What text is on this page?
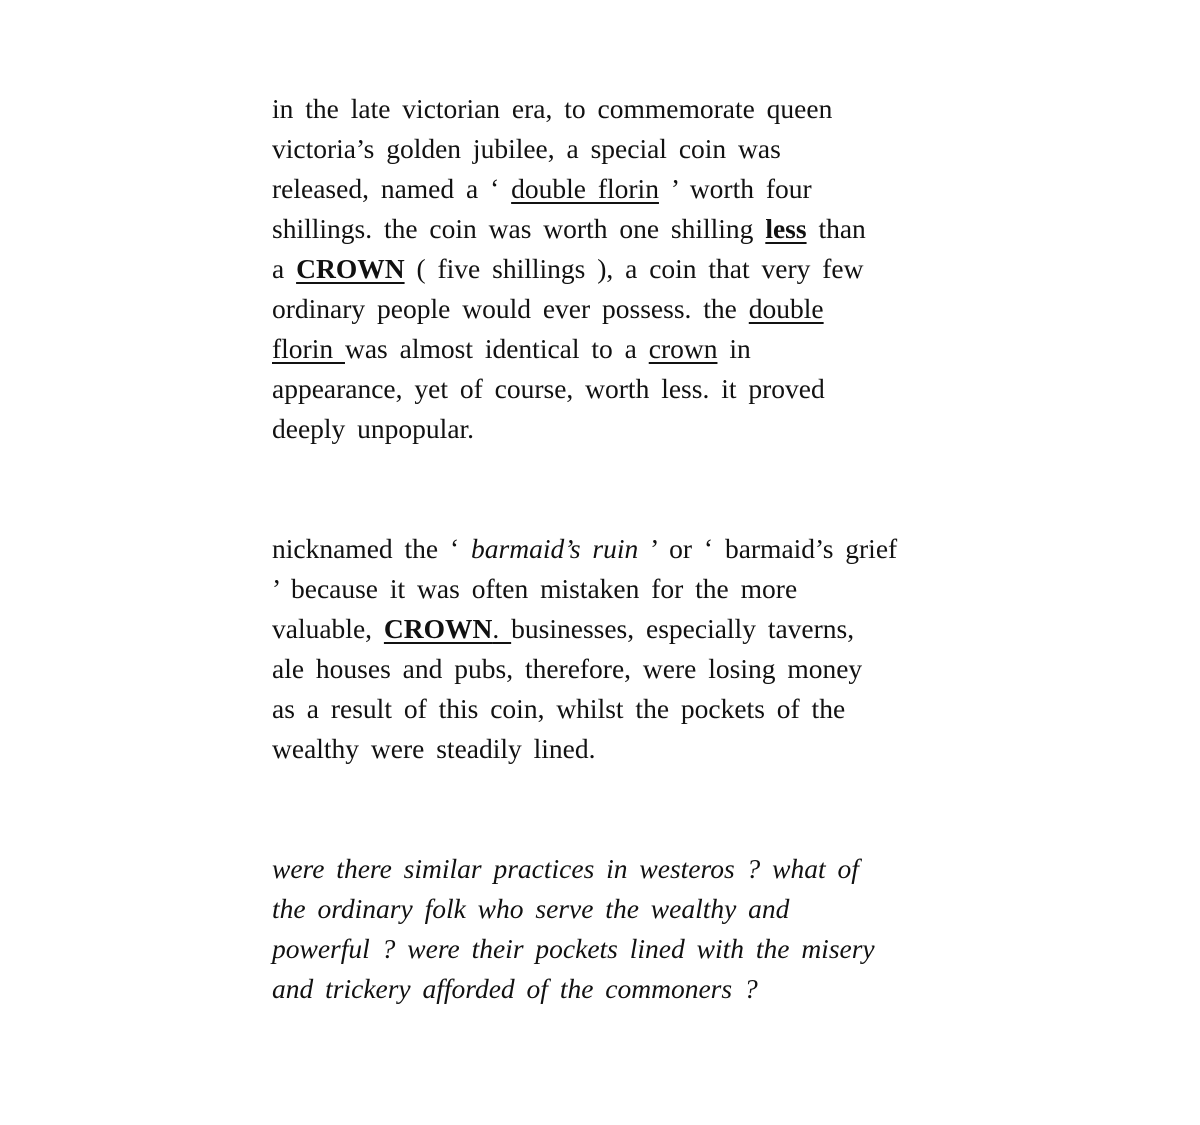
in the late victorian era, to commemorate queen
victoria’s golden jubilee, a special coin was
released, named a ‘ double florin ’ worth four
shillings. the coin was worth one shilling less than
a CROWN ( five shillings ), a coin that very few
ordinary people would ever possess. the double
florin was almost identical to a crown in
appearance, yet of course, worth less. it proved
deeply unpopular.

nicknamed the ‘ barmaid’s ruin ’ or ‘ barmaid’s grief
’ because it was often mistaken for the more
valuable, CROWN. businesses, especially taverns,
ale houses and pubs, therefore, were losing money
as a result of this coin, whilst the pockets of the
wealthy were steadily lined.

were there similar practices in westeros ? what of
the ordinary folk who serve the wealthy and
powerful ? were their pockets lined with the misery
and trickery afforded of the commoners ?
